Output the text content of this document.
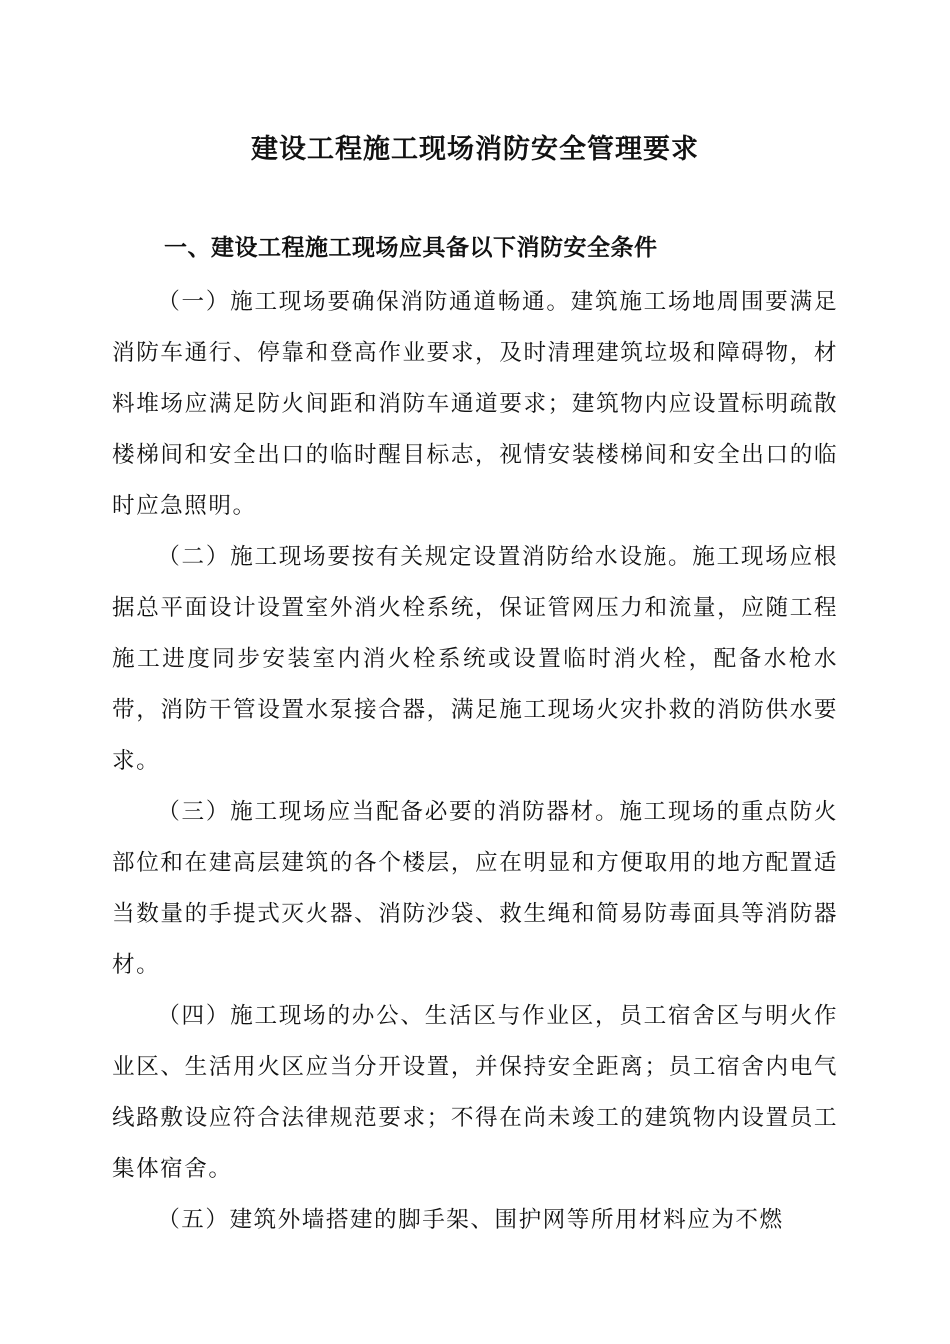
建设工程施工现场消防安全管理要求
一、建设工程施工现场应具备以下消防安全条件

（一）施工现场要确保消防通道畅通。建筑施工场地周围要满足消防车通行、停靠和登高作业要求，及时清理建筑垃圾和障碍物，材料堆场应满足防火间距和消防车通道要求；建筑物内应设置标明疏散楼梯间和安全出口的临时醒目标志，视情安装楼梯间和安全出口的临时应急照明。

（二）施工现场要按有关规定设置消防给水设施。施工现场应根据总平面设计设置室外消火栓系统，保证管网压力和流量，应随工程施工进度同步安装室内消火栓系统或设置临时消火栓，配备水枪水带，消防干管设置水泵接合器，满足施工现场火灾扑救的消防供水要求。

（三）施工现场应当配备必要的消防器材。施工现场的重点防火部位和在建高层建筑的各个楼层，应在明显和方便取用的地方配置适当数量的手提式灭火器、消防沙袋、救生绳和简易防毒面具等消防器材。

（四）施工现场的办公、生活区与作业区，员工宿舍区与明火作业区、生活用火区应当分开设置，并保持安全距离；员工宿舍内电气线路敷设应符合法律规范要求；不得在尚未竣工的建筑物内设置员工集体宿舍。

（五）建筑外墙搭建的脚手架、围护网等所用材料应为不燃
